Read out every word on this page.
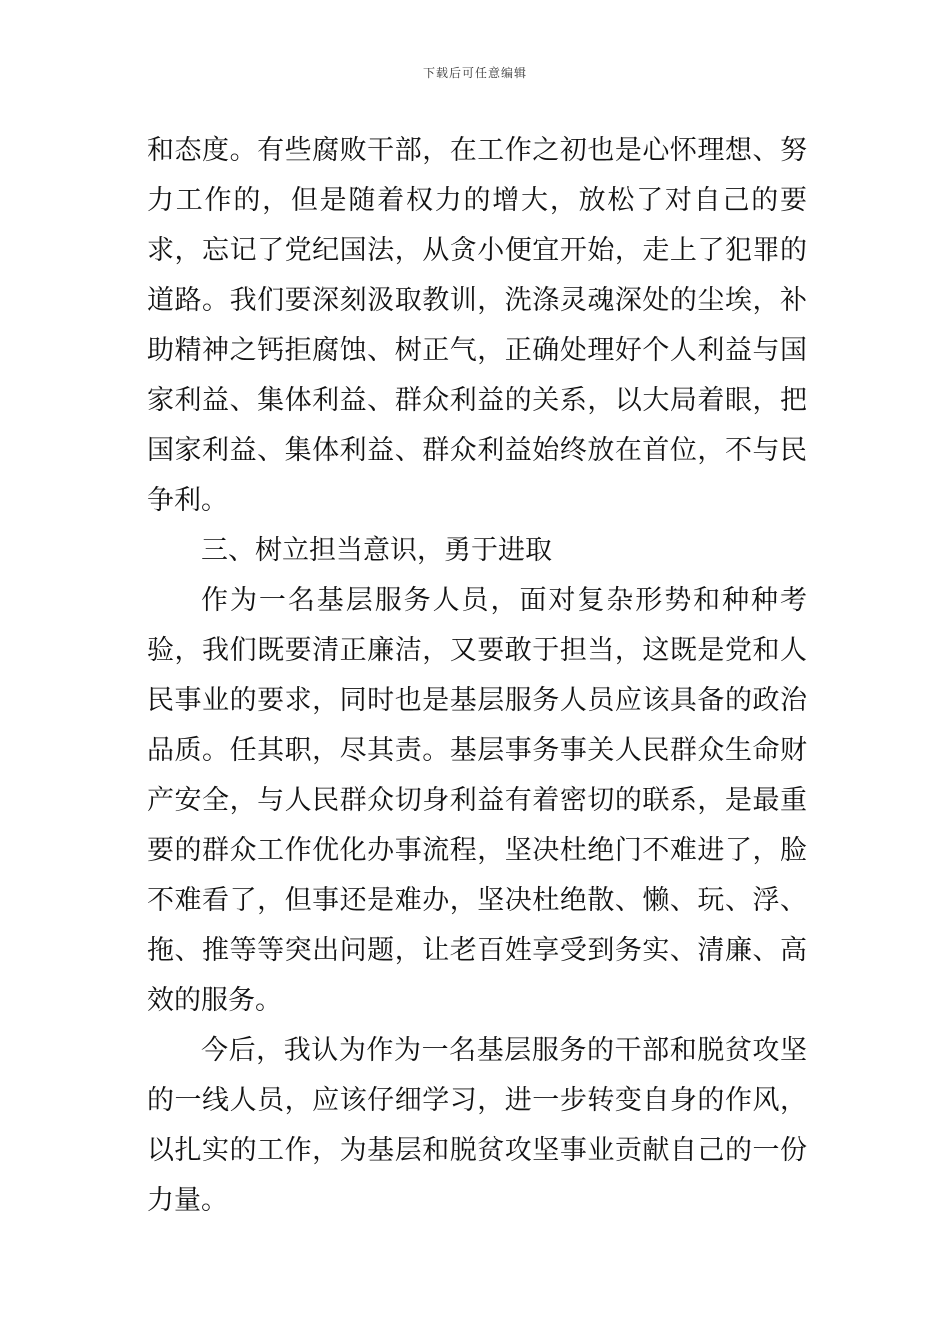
下载后可任意编辑

和态度。有些腐败干部，在工作之初也是心怀理想、努力工作的，但是随着权力的增大，放松了对自己的要求，忘记了党纪国法，从贪小便宜开始，走上了犯罪的道路。我们要深刻汲取教训，洗涤灵魂深处的尘埃，补助精神之钙拒腐蚀、树正气，正确处理好个人利益与国家利益、集体利益、群众利益的关系，以大局着眼，把国家利益、集体利益、群众利益始终放在首位，不与民争利。

三、树立担当意识，勇于进取

作为一名基层服务人员，面对复杂形势和种种考验，我们既要清正廉洁，又要敢于担当，这既是党和人民事业的要求，同时也是基层服务人员应该具备的政治品质。任其职，尽其责。基层事务事关人民群众生命财产安全，与人民群众切身利益有着密切的联系，是最重要的群众工作优化办事流程，坚决杜绝门不难进了，脸不难看了，但事还是难办，坚决杜绝散、懒、玩、浮、拖、推等等突出问题，让老百姓享受到务实、清廉、高效的服务。

今后，我认为作为一名基层服务的干部和脱贫攻坚的一线人员，应该仔细学习，进一步转变自身的作风，以扎实的工作，为基层和脱贫攻坚事业贡献自己的一份力量。
